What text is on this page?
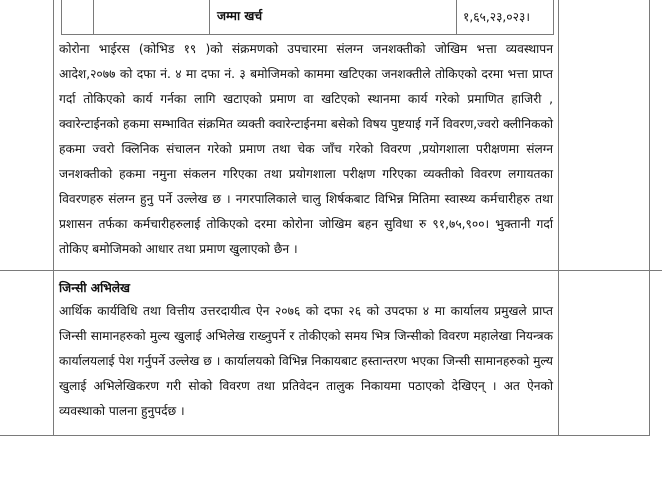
जम्मा खर्च	१,६५,२३,०२३।

कोरोना भाईरस (कोभिड १९ )को संक्रमणको उपचारमा संलग्न जनशक्तीको जोखिम भत्ता व्यवस्थापन आदेश,२०७७ को दफा नं. ४ मा दफा नं. ३ बमोजिमको काममा खटिएका जनशक्तीले तोकिएको दरमा भत्ता प्राप्त गर्दा तोकिएको कार्य गर्नका लागि खटाएको प्रमाण वा खटिएको स्थानमा कार्य गरेको प्रमाणित हाजिरी , क्वारेन्टाईनको हकमा सम्भावित संक्रमित व्यक्ती क्वारेन्टाईनमा बसेको विषय पुष्टयाई गर्ने विवरण,ज्वरो क्लीनिकको हकमा ज्वरो क्लिनिक संचालन गरेको प्रमाण तथा चेक जाँच गरेको विवरण ,प्रयोगशाला परीक्षणमा संलग्न जनशक्तीको हकमा नमुना संकलन गरिएका तथा प्रयोगशाला परीक्षण गरिएका व्यक्तीको विवरण लगायतका विवरणहरु संलग्न हुनु पर्ने उल्लेख छ । नगरपालिकाले चालु शिर्षकबाट विभिन्न मितिमा स्वास्थ्य कर्मचारीहरु तथा प्रशासन तर्फका कर्मचारीहरुलाई तोकिएको दरमा कोरोना जोखिम बहन सुविधा रु ९१,७५,९००। भुक्तानी गर्दा तोकिए बमोजिमको आधार तथा प्रमाण खुलाएको छैन ।

जिन्सी अभिलेख

आर्थिक कार्यविधि तथा वित्तीय उत्तरदायीत्व ऐन २०७६ को दफा २६ को उपदफा ४ मा कार्यालय प्रमुखले प्राप्त जिन्सी सामानहरुको मुल्य खुलाई अभिलेख राख्नुपर्ने र तोकीएको समय भित्र जिन्सीको विवरण महालेखा नियन्त्रक कार्यालयलाई पेश गर्नुपर्ने उल्लेख छ । कार्यालयको विभिन्न निकायबाट हस्तान्तरण भएका जिन्सी सामानहरुको मुल्य खुलाई अभिलेखिकरण गरी सोको विवरण तथा प्रतिवेदन तालुक निकायमा पठाएको देखिएन् । अत ऐनको व्यवस्थाको पालना हुनुपर्दछ ।
